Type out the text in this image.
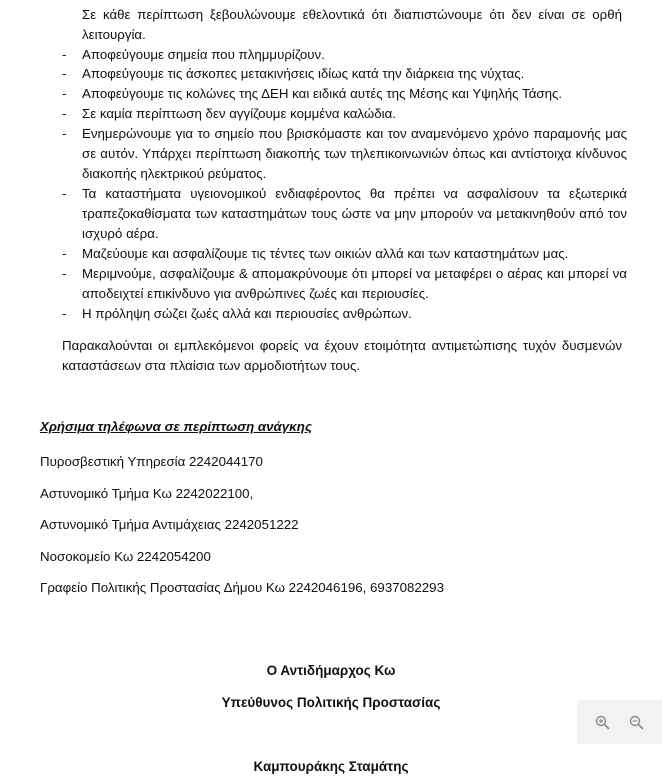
Σε κάθε περίπτωση ξεβουλώνουμε εθελοντικά ότι διαπιστώνουμε ότι δεν είναι σε ορθή λειτουργία.
- Αποφεύγουμε σημεία που πλημμυρίζουν.
- Αποφεύγουμε τις άσκοπες μετακινήσεις ιδίως κατά την διάρκεια της νύχτας.
- Αποφεύγουμε τις κολώνες της ΔΕΗ και ειδικά αυτές της Μέσης και Υψηλής Τάσης.
- Σε καμία περίπτωση δεν αγγίζουμε κομμένα καλώδια.
- Ενημερώνουμε για το σημείο που βρισκόμαστε και τον αναμενόμενο χρόνο παραμονής μας σε αυτόν. Υπάρχει περίπτωση διακοπής των τηλεπικοινωνιών όπως και αντίστοιχα κίνδυνος διακοπής ηλεκτρικού ρεύματος.
- Τα καταστήματα υγειονομικού ενδιαφέροντος θα πρέπει να ασφαλίσουν τα εξωτερικά τραπεζοκαθίσματα των καταστημάτων τους ώστε να μην μπορούν να μετακινηθούν από τον ισχυρό αέρα.
- Μαζεύουμε και ασφαλίζουμε τις τέντες των οικιών αλλά και των καταστημάτων μας.
- Μεριμνούμε, ασφαλίζουμε & απομακρύνουμε ότι μπορεί να μεταφέρει ο αέρας και μπορεί να αποδειχτεί επικίνδυνο για ανθρώπινες ζωές και περιουσίες.
- Η πρόληψη σώζει ζωές αλλά και περιουσίες ανθρώπων.
Παρακαλούνται οι εμπλεκόμενοι φορείς να έχουν ετοιμότητα αντιμετώπισης τυχόν δυσμενών καταστάσεων στα πλαίσια των αρμοδιοτήτων τους.
Χρήσιμα τηλέφωνα σε περίπτωση ανάγκης
Πυροσβεστική Υπηρεσία 2242044170
Αστυνομικό Τμήμα Κω 2242022100,
Αστυνομικό Τμήμα Αντιμάχειας 2242051222
Νοσοκομείο Κω 2242054200
Γραφείο Πολιτικής Προστασίας Δήμου Κω 2242046196, 6937082293
Ο Αντιδήμαρχος Κω
Υπεύθυνος Πολιτικής Προστασίας
Καμπουράκης Σταμάτης
